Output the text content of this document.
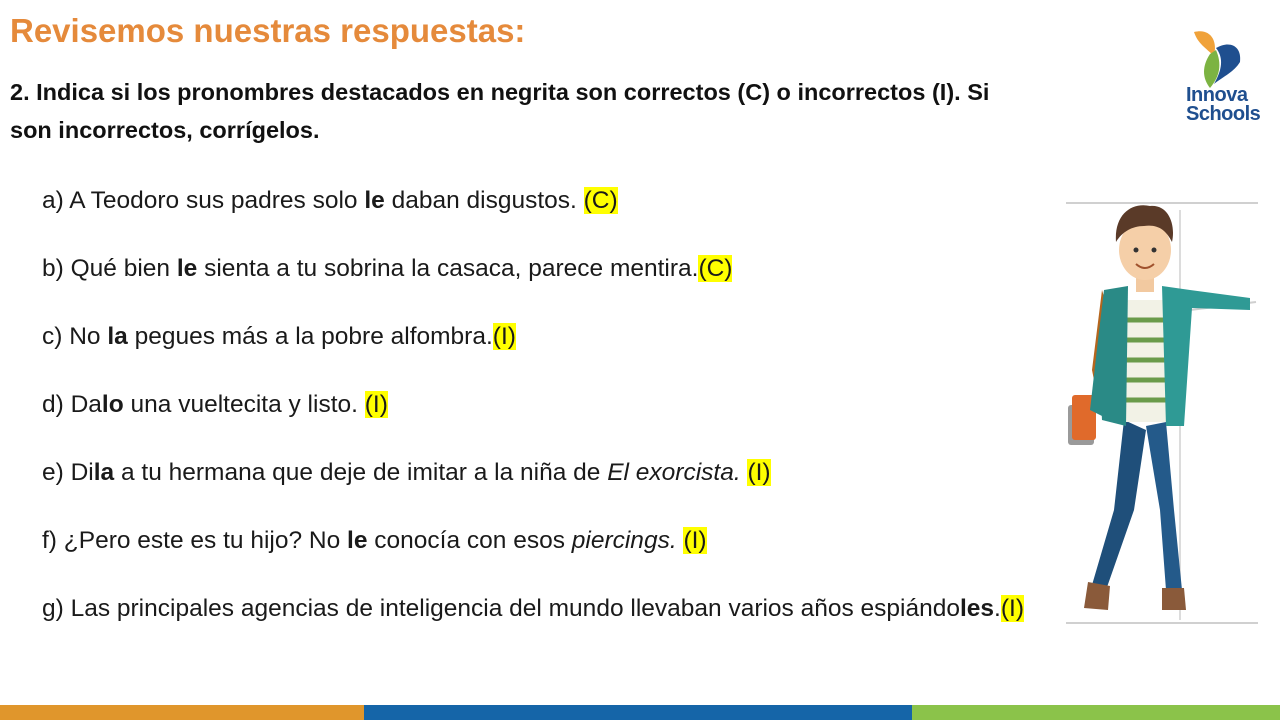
Revisemos nuestras respuestas:
2. Indica si los pronombres destacados en negrita son correctos (C) o incorrectos (I). Si son incorrectos, corrígelos.
a) A Teodoro sus padres solo le daban disgustos. (C)
b) Qué bien le sienta a tu sobrina la casaca, parece mentira.(C)
c) No la pegues más a la pobre alfombra.(I)
d) Dalo una vueltecita y listo. (I)
e) Dila a tu hermana que deje de imitar a la niña de El exorcista. (I)
f) ¿Pero este es tu hijo? No le conocía con esos piercings. (I)
g) Las principales agencias de inteligencia del mundo llevaban varios años espiándoles.(I)
Innova
Schools
